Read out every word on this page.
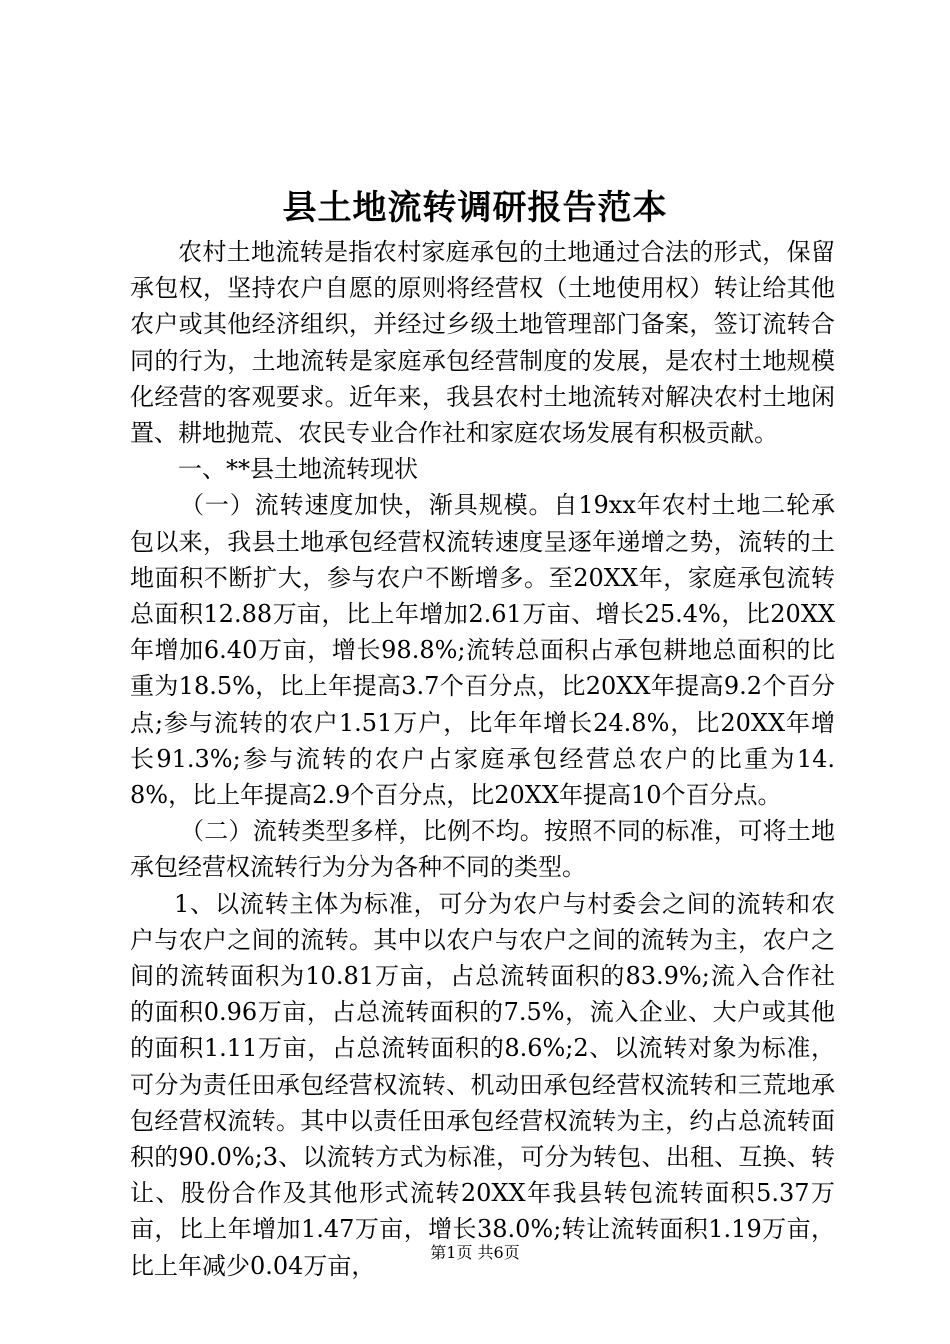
县土地流转调研报告范本

农村土地流转是指农村家庭承包的土地通过合法的形式，保留承包权，坚持农户自愿的原则将经营权（土地使用权）转让给其他农户或其他经济组织，并经过乡级土地管理部门备案，签订流转合同的行为，土地流转是家庭承包经营制度的发展，是农村土地规模化经营的客观要求。近年来，我县农村土地流转对解决农村土地闲置、耕地抛荒、农民专业合作社和家庭农场发展有积极贡献。

一、**县土地流转现状

（一）流转速度加快，渐具规模。自19xx年农村土地二轮承包以来，我县土地承包经营权流转速度呈逐年递增之势，流转的土地面积不断扩大，参与农户不断增多。至20XX年，家庭承包流转总面积12.88万亩，比上年增加2.61万亩、增长25.4%，比20XX年增加6.40万亩，增长98.8%;流转总面积占承包耕地总面积的比重为18.5%，比上年提高3.7个百分点，比20XX年提高9.2个百分点;参与流转的农户1.51万户，比年年增长24.8%，比20XX年增长91.3%;参与流转的农户占家庭承包经营总农户的比重为14.8%，比上年提高2.9个百分点，比20XX年提高10个百分点。

（二）流转类型多样，比例不均。按照不同的标准，可将土地承包经营权流转行为分为各种不同的类型。

1、以流转主体为标准，可分为农户与村委会之间的流转和农户与农户之间的流转。其中以农户与农户之间的流转为主，农户之间的流转面积为10.81万亩，占总流转面积的83.9%;流入合作社的面积0.96万亩，占总流转面积的7.5%，流入企业、大户或其他的面积1.11万亩，占总流转面积的8.6%;2、以流转对象为标准，可分为责任田承包经营权流转、机动田承包经营权流转和三荒地承包经营权流转。其中以责任田承包经营权流转为主，约占总流转面积的90.0%;3、以流转方式为标准，可分为转包、出租、互换、转让、股份合作及其他形式流转20XX年我县转包流转面积5.37万亩，比上年增加1.47万亩，增长38.0%;转让流转面积1.19万亩，比上年减少0.04万亩，	第1页 共6页
